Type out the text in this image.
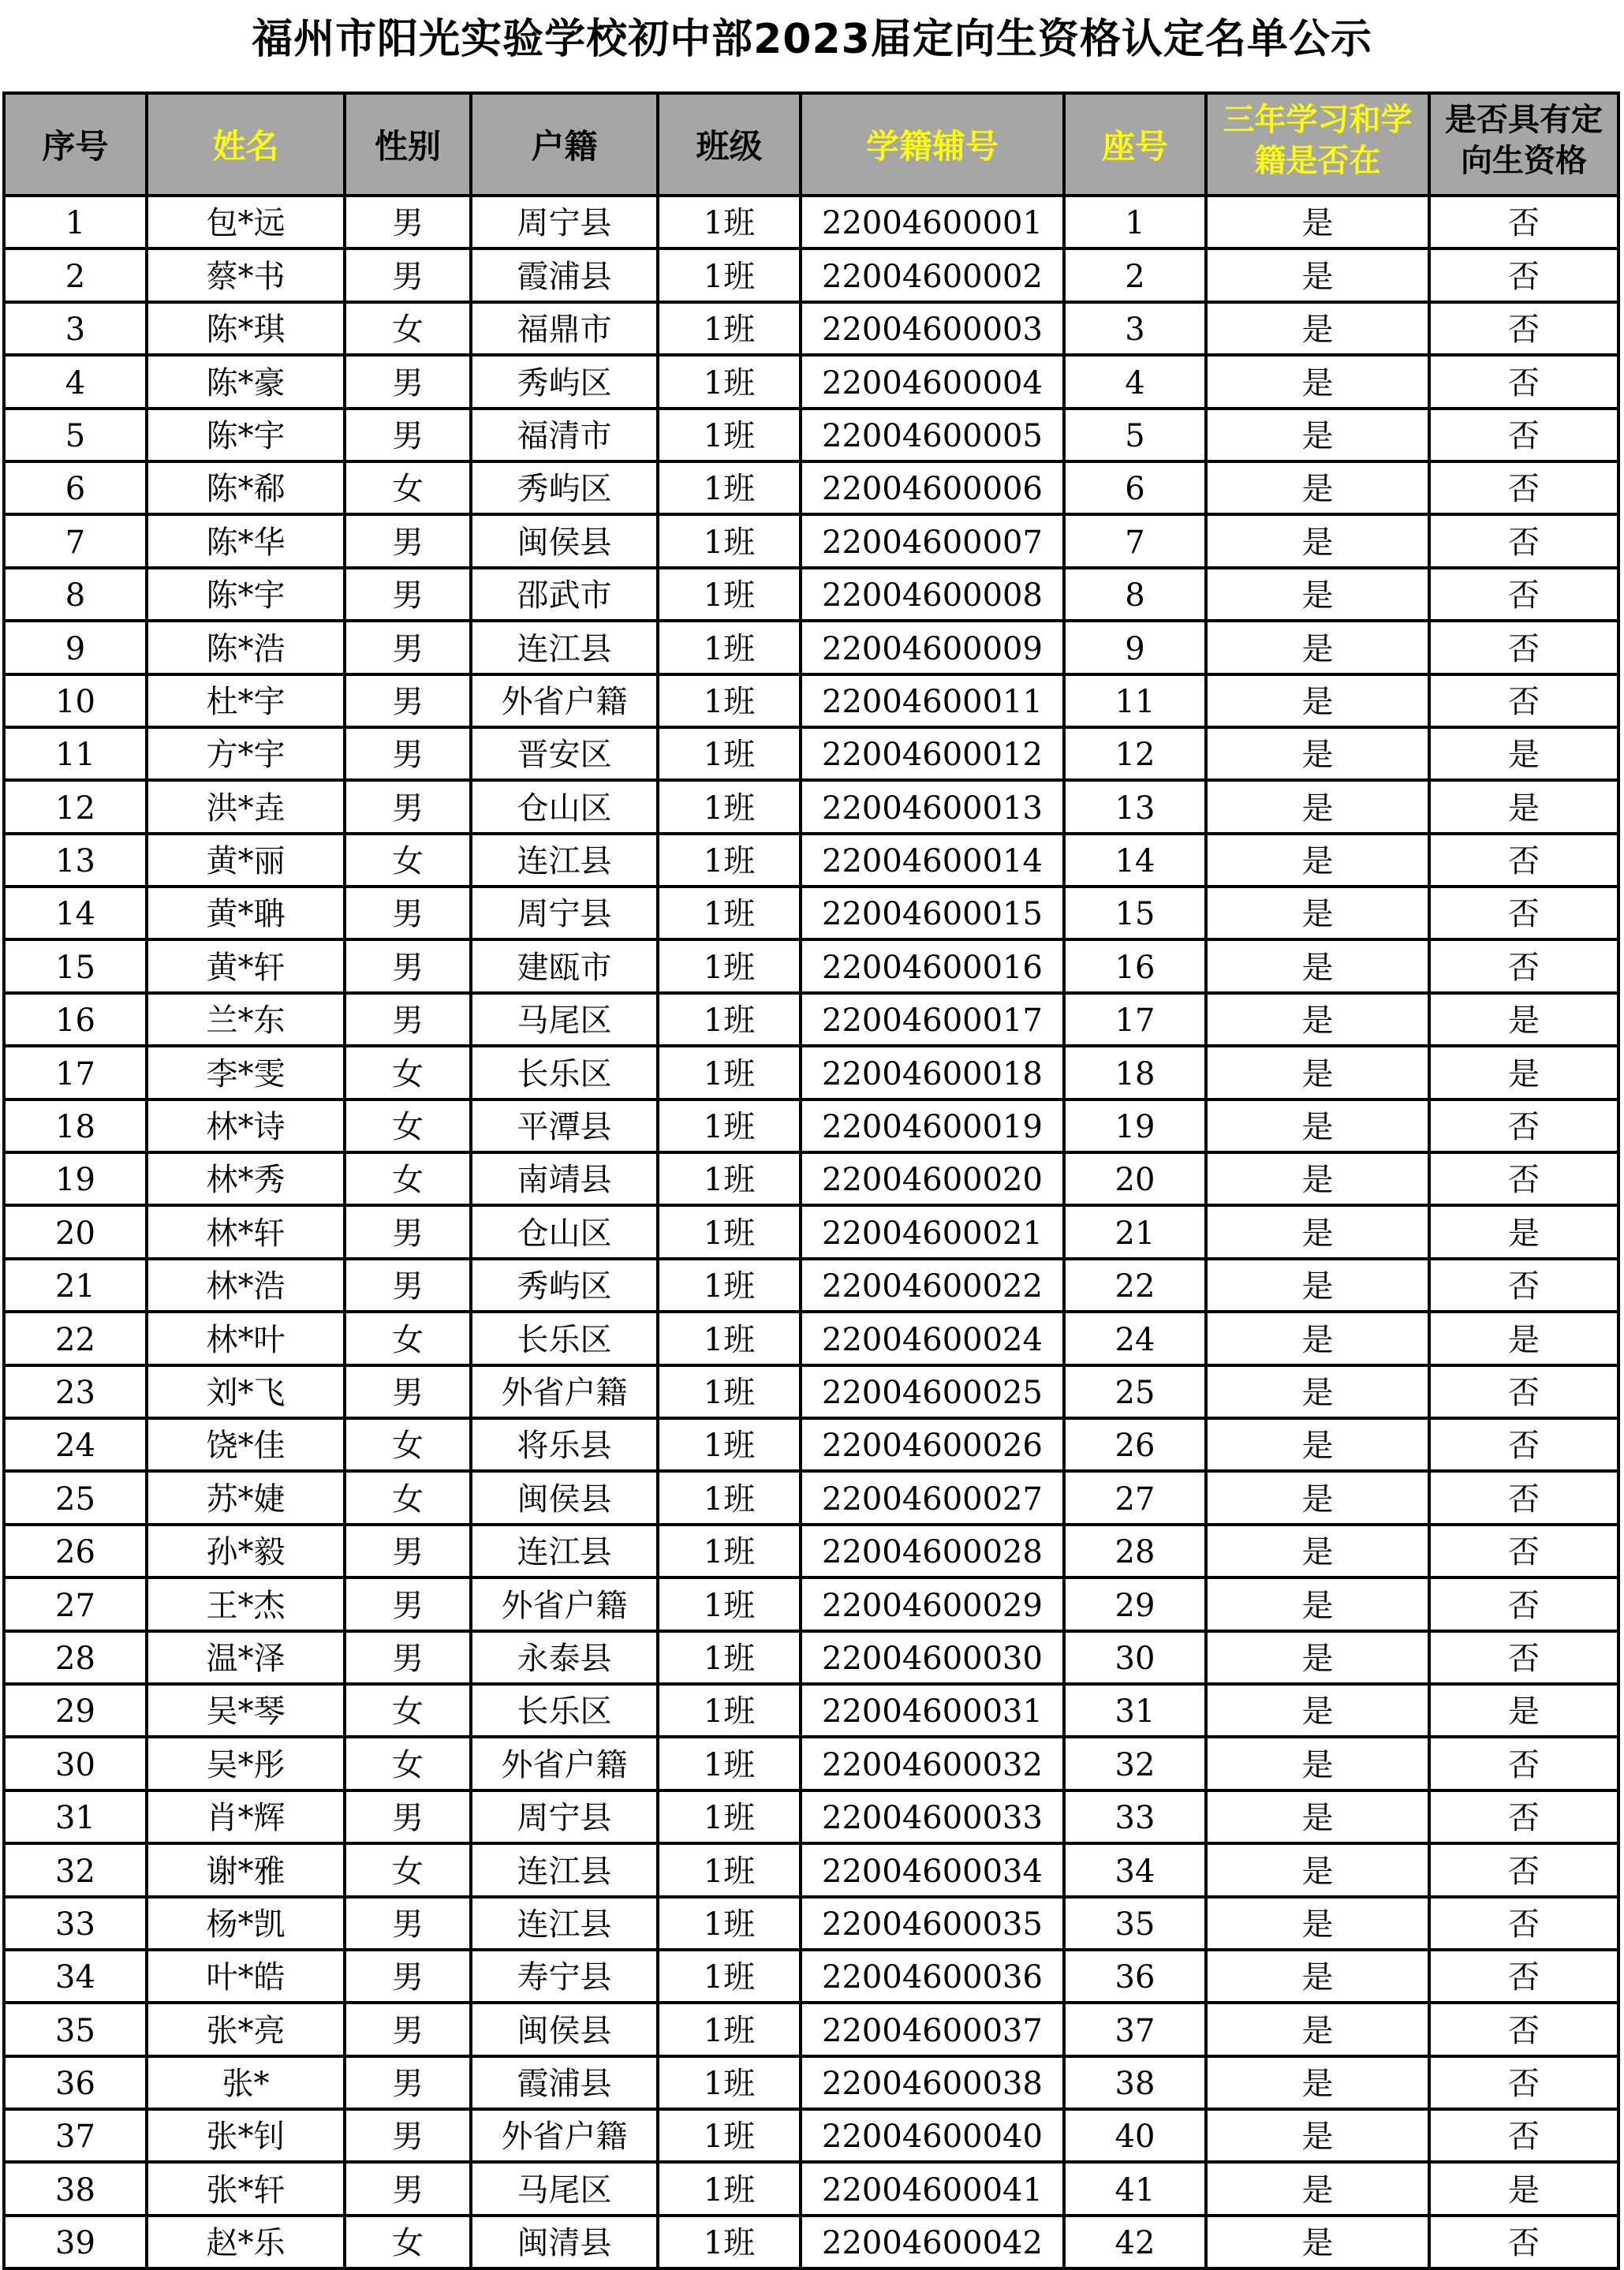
福州市阳光实验学校初中部2023届定向生资格认定名单公示
序号	姓名	性别	户籍	班级	学籍辅号	座号	三年学习和学籍是否在	是否具有定向生资格
1	包*远	男	周宁县	1班	22004600001	1	是	否
2	蔡*书	男	霞浦县	1班	22004600002	2	是	否
3	陈*琪	女	福鼎市	1班	22004600003	3	是	否
4	陈*豪	男	秀屿区	1班	22004600004	4	是	否
5	陈*宇	男	福清市	1班	22004600005	5	是	否
6	陈*郗	女	秀屿区	1班	22004600006	6	是	否
7	陈*华	男	闽侯县	1班	22004600007	7	是	否
8	陈*宇	男	邵武市	1班	22004600008	8	是	否
9	陈*浩	男	连江县	1班	22004600009	9	是	否
10	杜*宇	男	外省户籍	1班	22004600011	11	是	否
11	方*宇	男	晋安区	1班	22004600012	12	是	是
12	洪*垚	男	仓山区	1班	22004600013	13	是	是
13	黄*丽	女	连江县	1班	22004600014	14	是	否
14	黄*聃	男	周宁县	1班	22004600015	15	是	否
15	黄*轩	男	建瓯市	1班	22004600016	16	是	否
16	兰*东	男	马尾区	1班	22004600017	17	是	是
17	李*雯	女	长乐区	1班	22004600018	18	是	是
18	林*诗	女	平潭县	1班	22004600019	19	是	否
19	林*秀	女	南靖县	1班	22004600020	20	是	否
20	林*轩	男	仓山区	1班	22004600021	21	是	是
21	林*浩	男	秀屿区	1班	22004600022	22	是	否
22	林*叶	女	长乐区	1班	22004600024	24	是	是
23	刘*飞	男	外省户籍	1班	22004600025	25	是	否
24	饶*佳	女	将乐县	1班	22004600026	26	是	否
25	苏*婕	女	闽侯县	1班	22004600027	27	是	否
26	孙*毅	男	连江县	1班	22004600028	28	是	否
27	王*杰	男	外省户籍	1班	22004600029	29	是	否
28	温*泽	男	永泰县	1班	22004600030	30	是	否
29	吴*琴	女	长乐区	1班	22004600031	31	是	是
30	吴*彤	女	外省户籍	1班	22004600032	32	是	否
31	肖*辉	男	周宁县	1班	22004600033	33	是	否
32	谢*雅	女	连江县	1班	22004600034	34	是	否
33	杨*凯	男	连江县	1班	22004600035	35	是	否
34	叶*皓	男	寿宁县	1班	22004600036	36	是	否
35	张*亮	男	闽侯县	1班	22004600037	37	是	否
36	张*	男	霞浦县	1班	22004600038	38	是	否
37	张*钊	男	外省户籍	1班	22004600040	40	是	否
38	张*轩	男	马尾区	1班	22004600041	41	是	是
39	赵*乐	女	闽清县	1班	22004600042	42	是	否
